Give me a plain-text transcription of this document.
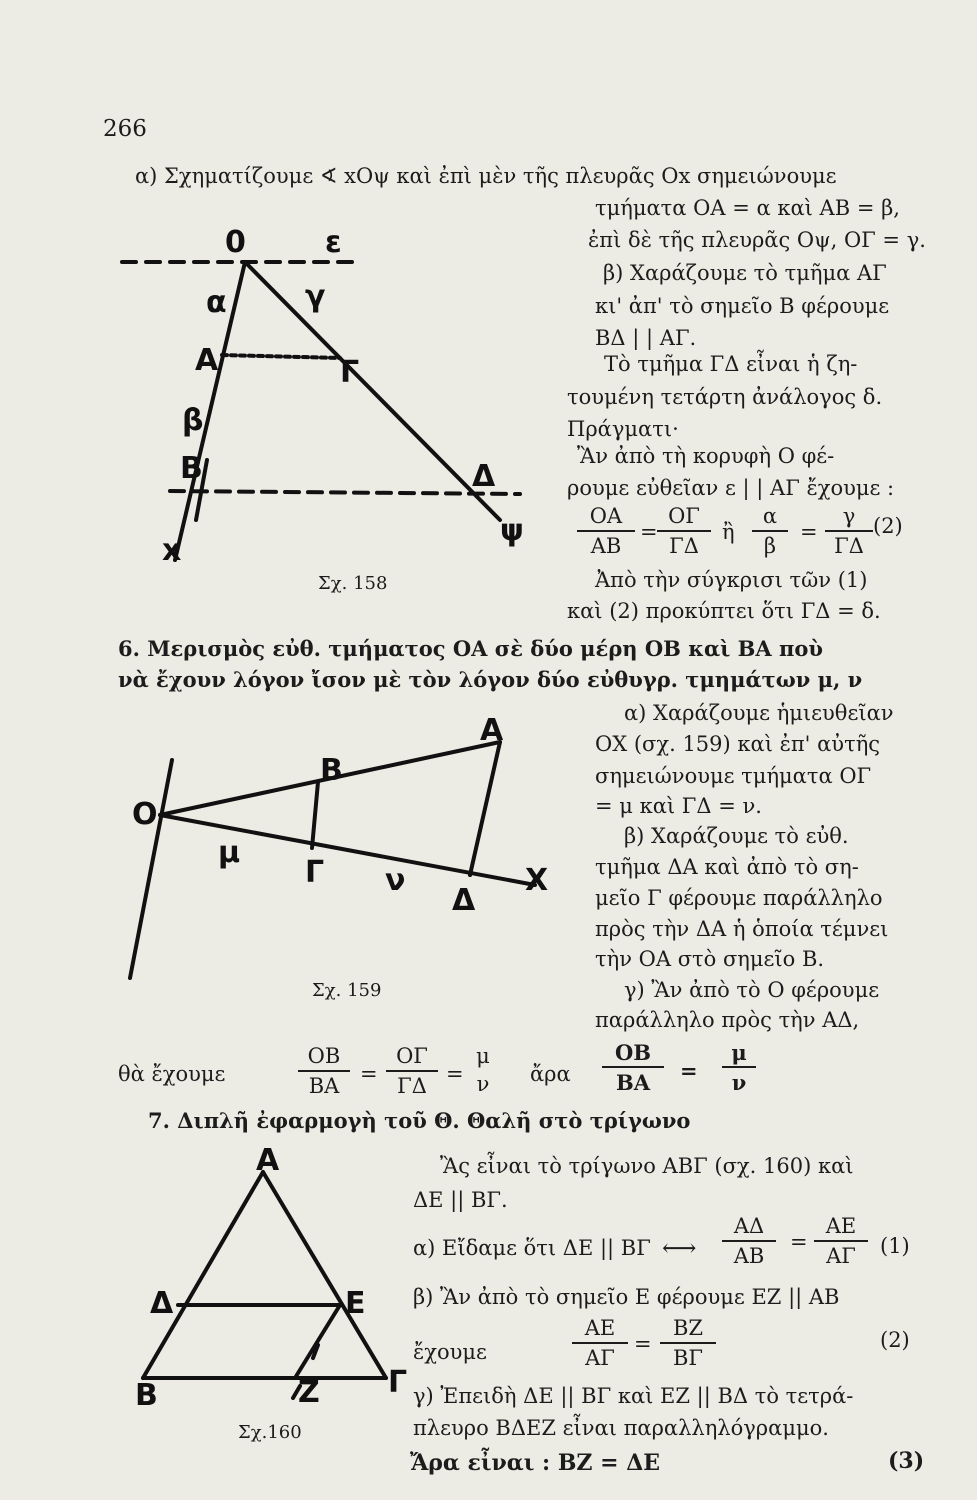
266
α) Σχηματίζουμε ∢ xOψ καὶ ἐπὶ μὲν τῆς πλευρᾶς Ox σημειώνουμε
τμήματα ΟΑ = α καὶ ΑΒ = β,
ἐπὶ δὲ τῆς πλευρᾶς Οψ, ΟΓ = γ.
β) Χαράζουμε τὸ τμῆμα ΑΓ
κι' ἀπ' τὸ σημεῖο Β φέρουμε
ΒΔ | | ΑΓ.
Τὸ τμῆμα ΓΔ εἶναι ἡ ζη-
τουμένη τετάρτη ἀνάλογος δ.
Πράγματι·
Ἂν ἀπὸ τὴ κορυφὴ Ο φέ-
ρουμε εὐθεῖαν ε | | ΑΓ ἔχουμε :
$\frac{OA}{AB} = \frac{O\Gamma}{\Gamma\Delta}$ ἢ $\frac{\alpha}{\beta} = \frac{\gamma}{\Gamma\Delta} (2)$
Ἀπὸ τὴν σύγκρισι τῶν (1)
καὶ (2) προκύπτει ὅτι ΓΔ = δ.
0	ε
α	γ
A	Γ
β
B	Δ
x
ψ
Σχ. 158
6. Μερισμὸς εὐθ. τμήματος ΟΑ σὲ δύο μέρη ΟΒ καὶ ΒΑ ποὺ
νὰ ἔχουν λόγον ἴσον μὲ τὸν λόγον δύο εὐθυγρ. τμημάτων μ, ν
α) Χαράζουμε ἡμιευθεῖαν
ΟΧ (σχ. 159) καὶ ἐπ' αὐτῆς
σημειώνουμε τμήματα ΟΓ
= μ καὶ ΓΔ = ν.
β) Χαράζουμε τὸ εὐθ.
τμῆμα ΔΑ καὶ ἀπὸ τὸ ση-
μεῖο Γ φέρουμε παράλληλο
πρὸς τὴν ΔΑ ἡ ὁποία τέμνει
τὴν ΟΑ στὸ σημεῖο Β.
γ) Ἂν ἀπὸ τὸ Ο φέρουμε
παράλληλο πρὸς τὴν ΑΔ,
O
B
A
μ
Γ ν
Δ
X
Σχ. 159
θὰ ἔχουμε	$\frac{OB}{BA} = \frac{O\Gamma}{\Gamma\Delta}$ =
μ
ν	ἄρα $\frac{OB}{BA} = \frac{\mu}{\nu}$
7. Διπλῆ ἐφαρμογὴ τοῦ Θ. Θαλῆ στὸ τρίγωνο
Ἂς εἶναι τὸ τρίγωνο ΑΒΓ (σχ. 160) καὶ
ΔΕ || ΒΓ.
α) Εἴδαμε ὅτι ΔΕ || ΒΓ ⟷ $\frac{A\Delta}{AB} = \frac{AE}{A\Gamma} (1)$
β) Ἂν ἀπὸ τὸ σημεῖο Ε φέρουμε ΕΖ || ΑΒ
ἔχουμε	$\frac{AE}{A\Gamma} = \frac{BZ}{B\Gamma}$	(2)
γ) Ἐπειδὴ ΔΕ || ΒΓ καὶ ΕΖ || ΒΔ τὸ τετρά-
πλευρο ΒΔΕΖ εἶναι παραλληλόγραμμο.
Ἄρα εἶναι : ΒΖ = ΔΕ	(3)
A
Δ	E
B	Z Γ
Σχ.160
